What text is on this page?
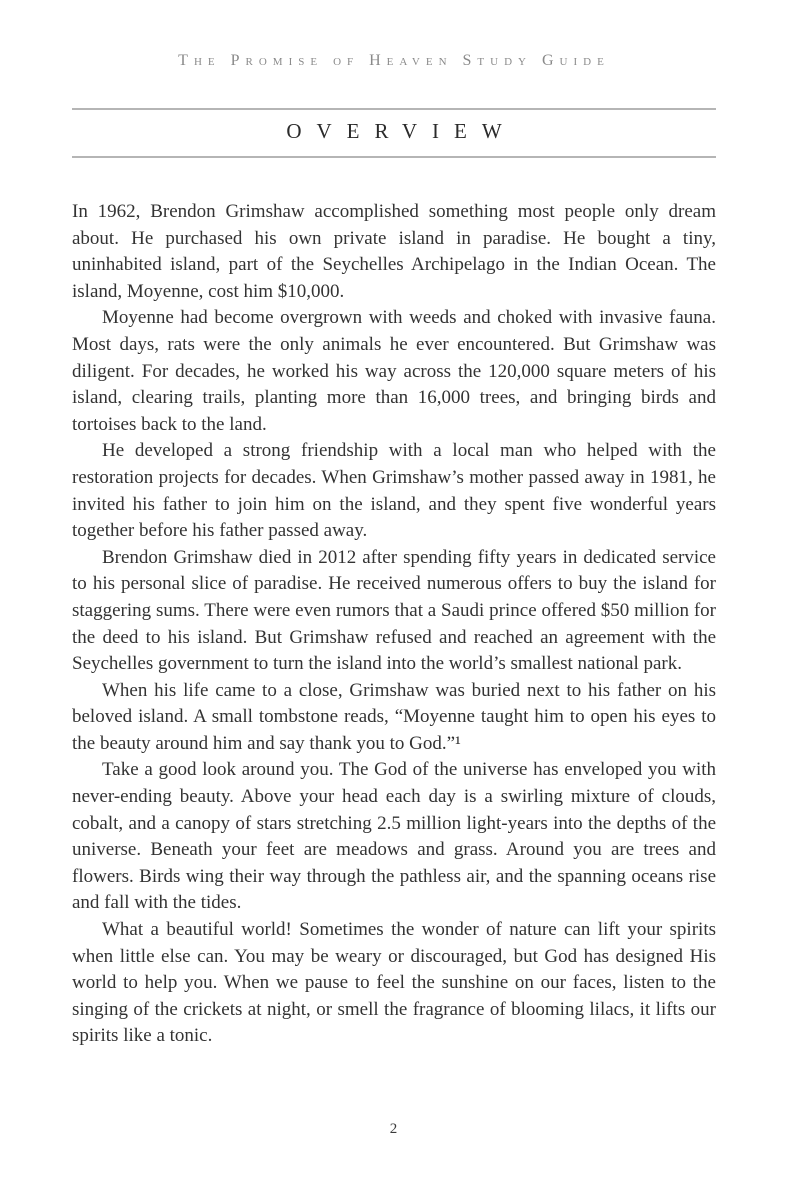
The Promise of Heaven Study Guide
OVERVIEW

In 1962, Brendon Grimshaw accomplished something most people only dream about. He purchased his own private island in paradise. He bought a tiny, uninhabited island, part of the Seychelles Archipelago in the Indian Ocean. The island, Moyenne, cost him $10,000.

Moyenne had become overgrown with weeds and choked with invasive fauna. Most days, rats were the only animals he ever encountered. But Grimshaw was diligent. For decades, he worked his way across the 120,000 square meters of his island, clearing trails, planting more than 16,000 trees, and bringing birds and tortoises back to the land.

He developed a strong friendship with a local man who helped with the restoration projects for decades. When Grimshaw’s mother passed away in 1981, he invited his father to join him on the island, and they spent five wonderful years together before his father passed away.

Brendon Grimshaw died in 2012 after spending fifty years in dedicated service to his personal slice of paradise. He received numerous offers to buy the island for staggering sums. There were even rumors that a Saudi prince offered $50 million for the deed to his island. But Grimshaw refused and reached an agreement with the Seychelles government to turn the island into the world’s smallest national park.

When his life came to a close, Grimshaw was buried next to his father on his beloved island. A small tombstone reads, “Moyenne taught him to open his eyes to the beauty around him and say thank you to God.”¹

Take a good look around you. The God of the universe has enveloped you with never-ending beauty. Above your head each day is a swirling mixture of clouds, cobalt, and a canopy of stars stretching 2.5 million light-years into the depths of the universe. Beneath your feet are meadows and grass. Around you are trees and flowers. Birds wing their way through the pathless air, and the spanning oceans rise and fall with the tides.

What a beautiful world! Sometimes the wonder of nature can lift your spirits when little else can. You may be weary or discouraged, but God has designed His world to help you. When we pause to feel the sunshine on our faces, listen to the singing of the crickets at night, or smell the fragrance of blooming lilacs, it lifts our spirits like a tonic.

2
